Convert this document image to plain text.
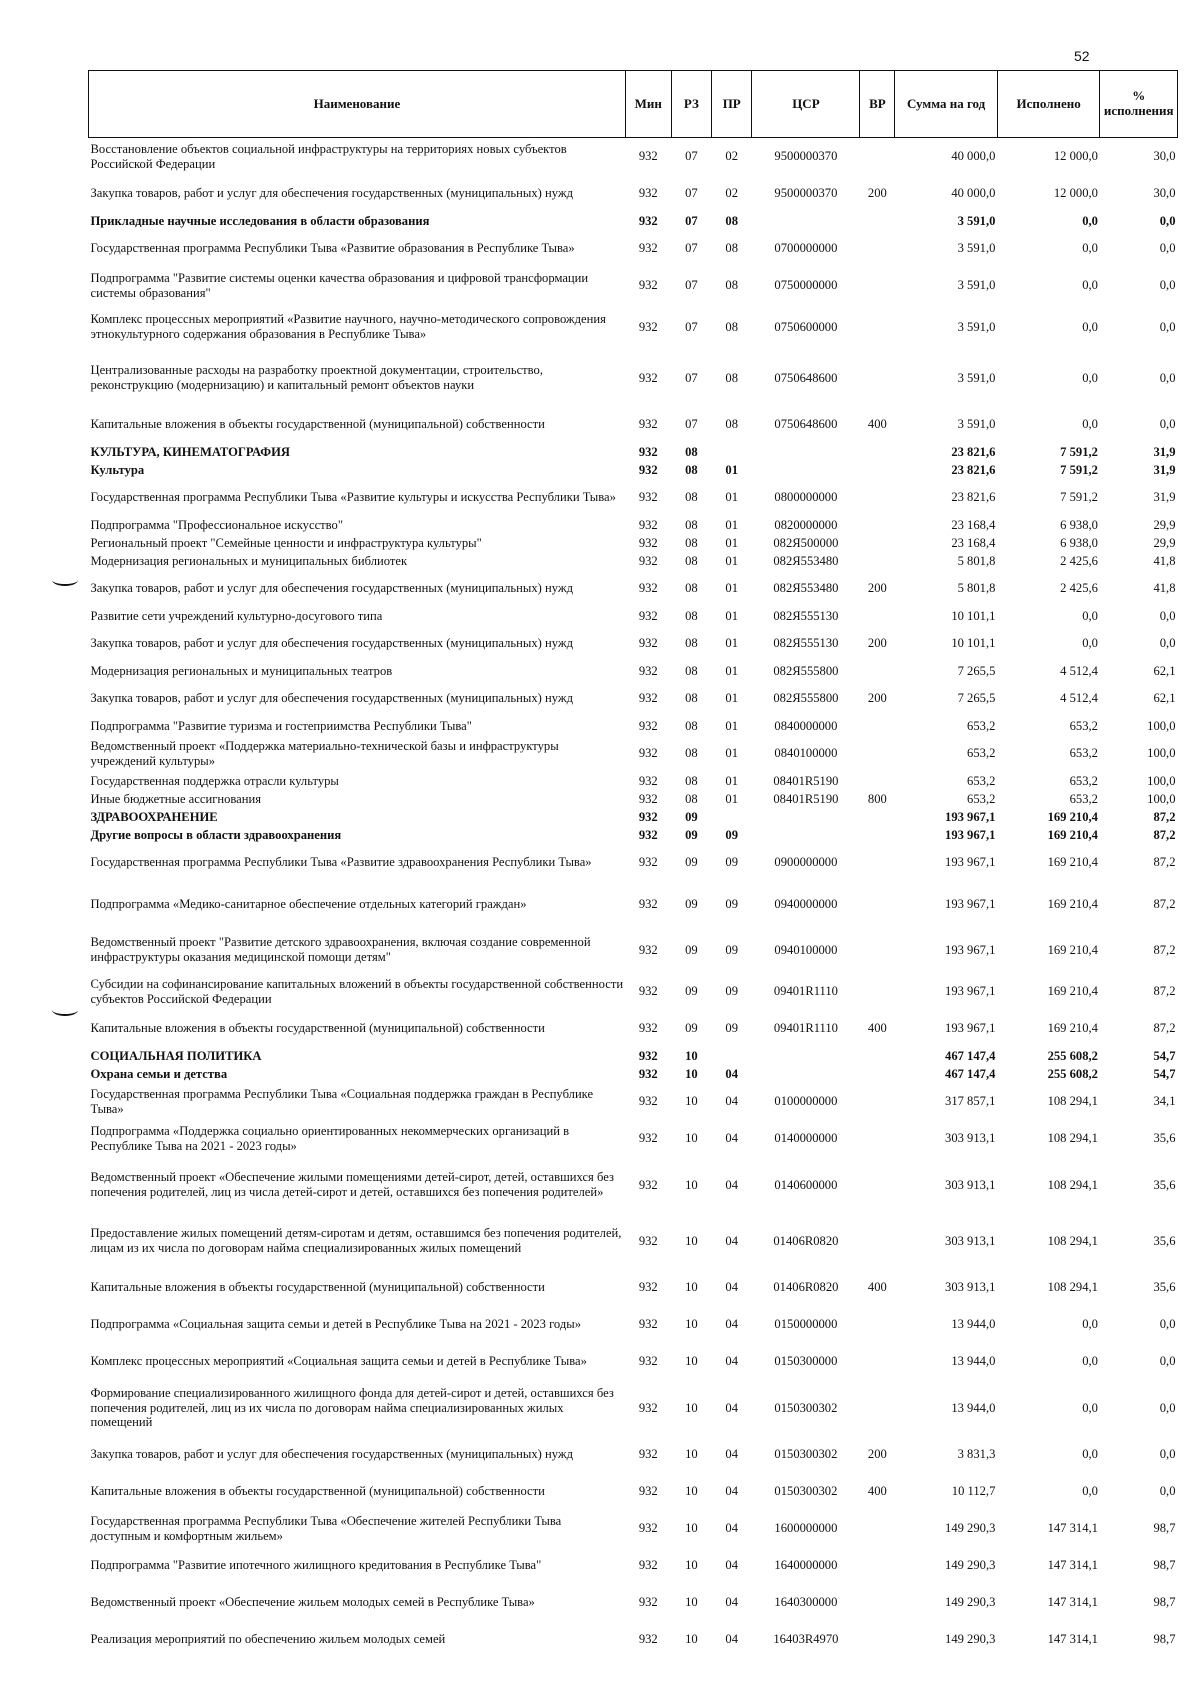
52
Наименование	Мин	РЗ	ПР	ЦСР	ВР	Сумма на год	Исполнено	% исполнения
Восстановление объектов социальной инфраструктуры на территориях новых субъектов Российской Федерации	932	07	02	9500000370		40 000,0	12 000,0	30,0
Закупка товаров, работ и услуг для обеспечения государственных (муниципальных) нужд	932	07	02	9500000370	200	40 000,0	12 000,0	30,0
Прикладные научные исследования в области образования	932	07	08			3 591,0	0,0	0,0
Государственная программа Республики Тыва «Развитие образования в Республике Тыва»	932	07	08	0700000000		3 591,0	0,0	0,0
Подпрограмма "Развитие системы оценки качества образования и цифровой трансформации системы образования"	932	07	08	0750000000		3 591,0	0,0	0,0
Комплекс процессных мероприятий «Развитие научного, научно-методического сопровождения этнокультурного содержания образования в Республике Тыва»	932	07	08	0750600000		3 591,0	0,0	0,0
Централизованные расходы на разработку проектной документации, строительство, реконструкцию (модернизацию) и капитальный ремонт объектов науки	932	07	08	0750648600		3 591,0	0,0	0,0
Капитальные вложения в объекты государственной (муниципальной) собственности	932	07	08	0750648600	400	3 591,0	0,0	0,0
КУЛЬТУРА, КИНЕМАТОГРАФИЯ	932	08				23 821,6	7 591,2	31,9
Культура	932	08	01			23 821,6	7 591,2	31,9
Государственная программа Республики Тыва «Развитие культуры и искусства Республики Тыва»	932	08	01	0800000000		23 821,6	7 591,2	31,9
Подпрограмма "Профессиональное искусство"	932	08	01	0820000000		23 168,4	6 938,0	29,9
Региональный проект "Семейные ценности и инфраструктура культуры"	932	08	01	082Я500000		23 168,4	6 938,0	29,9
Модернизация региональных и муниципальных библиотек	932	08	01	082Я553480		5 801,8	2 425,6	41,8
Закупка товаров, работ и услуг для обеспечения государственных (муниципальных) нужд	932	08	01	082Я553480	200	5 801,8	2 425,6	41,8
Развитие сети учреждений культурно-досугового типа	932	08	01	082Я555130		10 101,1	0,0	0,0
Закупка товаров, работ и услуг для обеспечения государственных (муниципальных) нужд	932	08	01	082Я555130	200	10 101,1	0,0	0,0
Модернизация региональных и муниципальных театров	932	08	01	082Я555800		7 265,5	4 512,4	62,1
Закупка товаров, работ и услуг для обеспечения государственных (муниципальных) нужд	932	08	01	082Я555800	200	7 265,5	4 512,4	62,1
Подпрограмма "Развитие туризма и гостеприимства Республики Тыва"	932	08	01	0840000000		653,2	653,2	100,0
Ведомственный проект «Поддержка материально-технической базы и инфраструктуры учреждений культуры»	932	08	01	0840100000		653,2	653,2	100,0
Государственная поддержка отрасли культуры	932	08	01	08401R5190		653,2	653,2	100,0
Иные бюджетные ассигнования	932	08	01	08401R5190	800	653,2	653,2	100,0
ЗДРАВООХРАНЕНИЕ	932	09				193 967,1	169 210,4	87,2
Другие вопросы в области здравоохранения	932	09	09			193 967,1	169 210,4	87,2
Государственная программа Республики Тыва «Развитие здравоохранения Республики Тыва»	932	09	09	0900000000		193 967,1	169 210,4	87,2
Подпрограмма «Медико-санитарное обеспечение отдельных категорий граждан»	932	09	09	0940000000		193 967,1	169 210,4	87,2
Ведомственный проект "Развитие детского здравоохранения, включая создание современной инфраструктуры оказания медицинской помощи детям"	932	09	09	0940100000		193 967,1	169 210,4	87,2
Субсидии на софинансирование капитальных вложений в объекты государственной собственности субъектов Российской Федерации	932	09	09	09401R1110		193 967,1	169 210,4	87,2
Капитальные вложения в объекты государственной (муниципальной) собственности	932	09	09	09401R1110	400	193 967,1	169 210,4	87,2
СОЦИАЛЬНАЯ ПОЛИТИКА	932	10				467 147,4	255 608,2	54,7
Охрана семьи и детства	932	10	04			467 147,4	255 608,2	54,7
Государственная программа Республики Тыва «Социальная поддержка граждан в Республике Тыва»	932	10	04	0100000000		317 857,1	108 294,1	34,1
Подпрограмма «Поддержка социально ориентированных некоммерческих организаций в Республике Тыва на 2021 - 2023 годы»	932	10	04	0140000000		303 913,1	108 294,1	35,6
Ведомственный проект «Обеспечение жилыми помещениями детей-сирот, детей, оставшихся без попечения родителей, лиц из числа детей-сирот и детей, оставшихся без попечения родителей»	932	10	04	0140600000		303 913,1	108 294,1	35,6
Предоставление жилых помещений детям-сиротам и детям, оставшимся без попечения родителей, лицам из их числа по договорам найма специализированных жилых помещений	932	10	04	01406R0820		303 913,1	108 294,1	35,6
Капитальные вложения в объекты государственной (муниципальной) собственности	932	10	04	01406R0820	400	303 913,1	108 294,1	35,6
Подпрограмма «Социальная защита семьи и детей в Республике Тыва на 2021 - 2023 годы»	932	10	04	0150000000		13 944,0	0,0	0,0
Комплекс процессных мероприятий «Социальная защита семьи и детей в Республике Тыва»	932	10	04	0150300000		13 944,0	0,0	0,0
Формирование специализированного жилищного фонда для детей-сирот и детей, оставшихся без попечения родителей, лиц из их числа по договорам найма специализированных жилых помещений	932	10	04	0150300302		13 944,0	0,0	0,0
Закупка товаров, работ и услуг для обеспечения государственных (муниципальных) нужд	932	10	04	0150300302	200	3 831,3	0,0	0,0
Капитальные вложения в объекты государственной (муниципальной) собственности	932	10	04	0150300302	400	10 112,7	0,0	0,0
Государственная программа Республики Тыва «Обеспечение жителей Республики Тыва доступным и комфортным жильем»	932	10	04	1600000000		149 290,3	147 314,1	98,7
Подпрограмма "Развитие ипотечного жилищного кредитования в Республике Тыва"	932	10	04	1640000000		149 290,3	147 314,1	98,7
Ведомственный проект «Обеспечение жильем молодых семей в Республике Тыва»	932	10	04	1640300000		149 290,3	147 314,1	98,7
Реализация мероприятий по обеспечению жильем молодых семей	932	10	04	16403R4970		149 290,3	147 314,1	98,7
